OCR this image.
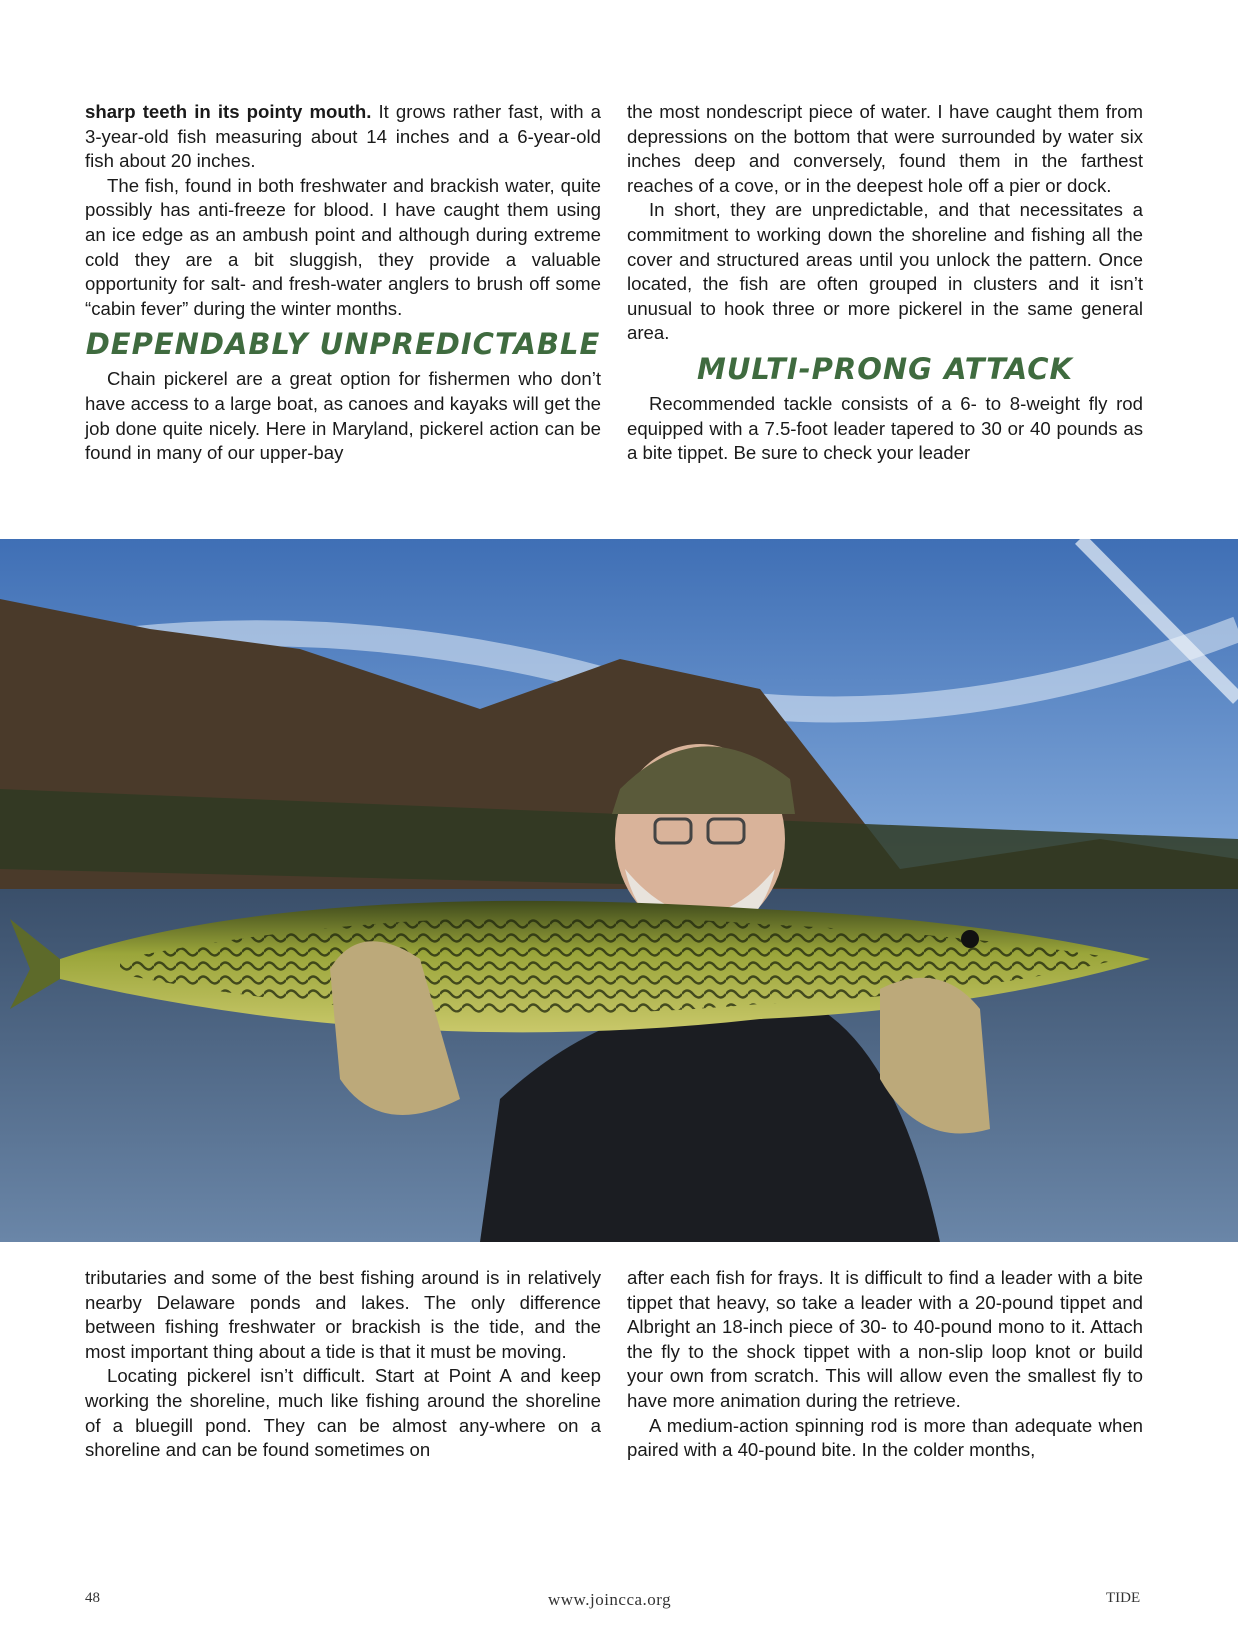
sharp teeth in its pointy mouth. It grows rather fast, with a 3-year-old fish measuring about 14 inches and a 6-year-old fish about 20 inches.

The fish, found in both freshwater and brackish water, quite possibly has anti-freeze for blood. I have caught them using an ice edge as an ambush point and although during extreme cold they are a bit sluggish, they provide a valuable opportunity for salt- and fresh-water anglers to brush off some “cabin fever” during the winter months.

DEPENDABLY UNPREDICTABLE

Chain pickerel are a great option for fishermen who don’t have access to a large boat, as canoes and kayaks will get the job done quite nicely. Here in Maryland, pickerel action can be found in many of our upper-bay

the most nondescript piece of water. I have caught them from depressions on the bottom that were surrounded by water six inches deep and conversely, found them in the farthest reaches of a cove, or in the deepest hole off a pier or dock.

In short, they are unpredictable, and that necessitates a commitment to working down the shoreline and fishing all the cover and structured areas until you unlock the pattern. Once located, the fish are often grouped in clusters and it isn’t unusual to hook three or more pickerel in the same general area.

MULTI-PRONG ATTACK

Recommended tackle consists of a 6- to 8-weight fly rod equipped with a 7.5-foot leader tapered to 30 or 40 pounds as a bite tippet. Be sure to check your leader

tributaries and some of the best fishing around is in relatively nearby Delaware ponds and lakes. The only difference between fishing freshwater or brackish is the tide, and the most important thing about a tide is that it must be moving.

Locating pickerel isn’t difficult. Start at Point A and keep working the shoreline, much like fishing around the shoreline of a bluegill pond. They can be almost any-where on a shoreline and can be found sometimes on

after each fish for frays. It is difficult to find a leader with a bite tippet that heavy, so take a leader with a 20-pound tippet and Albright an 18-inch piece of 30- to 40-pound mono to it. Attach the fly to the shock tippet with a non-slip loop knot or build your own from scratch. This will allow even the smallest fly to have more animation during the retrieve.

A medium-action spinning rod is more than adequate when paired with a 40-pound bite. In the colder months,

48	www.joincca.org	TIDE
